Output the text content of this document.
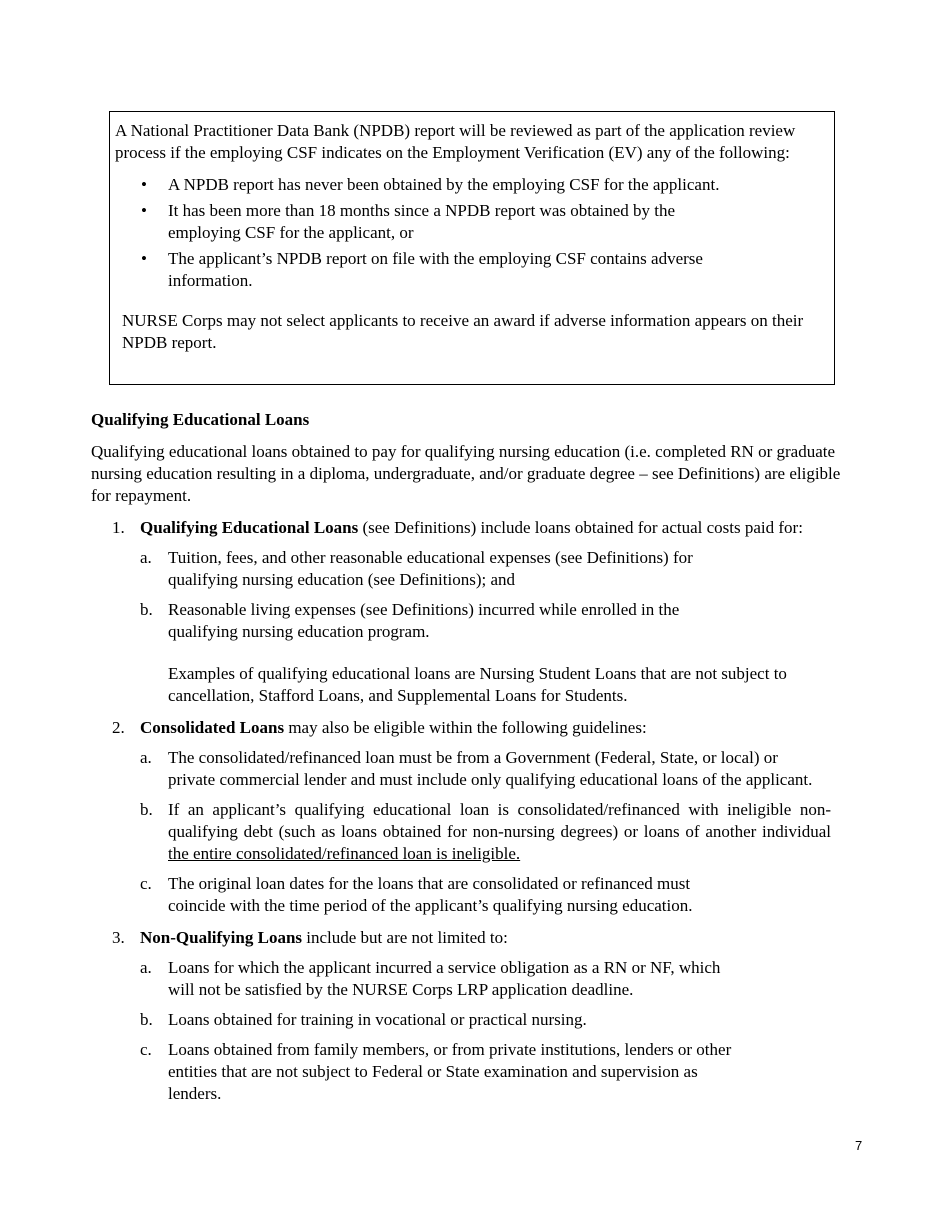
A National Practitioner Data Bank (NPDB) report will be reviewed as part of the application review process if the employing CSF indicates on the Employment Verification (EV) any of the following:

• A NPDB report has never been obtained by the employing CSF for the applicant.
• It has been more than 18 months since a NPDB report was obtained by the employing CSF for the applicant, or
• The applicant’s NPDB report on file with the employing CSF contains adverse information.

NURSE Corps may not select applicants to receive an award if adverse information appears on their NPDB report.

Qualifying Educational Loans

Qualifying educational loans obtained to pay for qualifying nursing education (i.e. completed RN or graduate nursing education resulting in a diploma, undergraduate, and/or graduate degree – see Definitions) are eligible for repayment.

1. Qualifying Educational Loans (see Definitions) include loans obtained for actual costs paid for:
a. Tuition, fees, and other reasonable educational expenses (see Definitions) for qualifying nursing education (see Definitions); and
b. Reasonable living expenses (see Definitions) incurred while enrolled in the qualifying nursing education program.
Examples of qualifying educational loans are Nursing Student Loans that are not subject to cancellation, Stafford Loans, and Supplemental Loans for Students.
2. Consolidated Loans may also be eligible within the following guidelines:
a. The consolidated/refinanced loan must be from a Government (Federal, State, or local) or private commercial lender and must include only qualifying educational loans of the applicant.
b. If an applicant’s qualifying educational loan is consolidated/refinanced with ineligible non-qualifying debt (such as loans obtained for non-nursing degrees) or loans of another individual the entire consolidated/refinanced loan is ineligible.
c. The original loan dates for the loans that are consolidated or refinanced must coincide with the time period of the applicant’s qualifying nursing education.
3. Non-Qualifying Loans include but are not limited to:
a. Loans for which the applicant incurred a service obligation as a RN or NF, which will not be satisfied by the NURSE Corps LRP application deadline.
b. Loans obtained for training in vocational or practical nursing.
c. Loans obtained from family members, or from private institutions, lenders or other entities that are not subject to Federal or State examination and supervision as lenders.
7
